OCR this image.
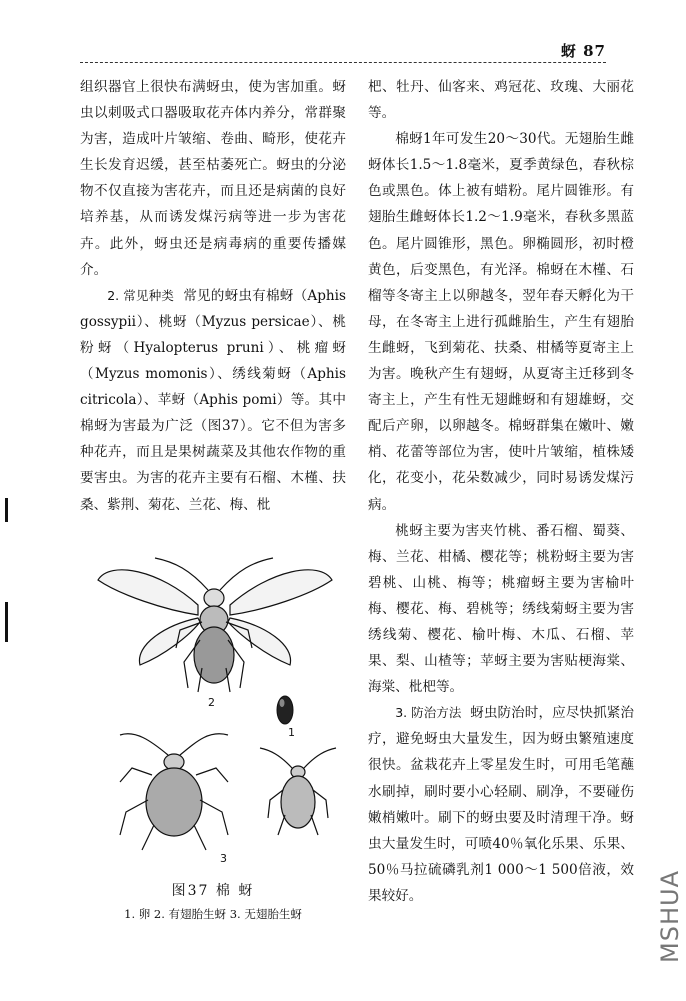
蚜 87

组织器官上很快布满蚜虫，使为害加重。蚜虫以刺吸式口器吸取花卉体内养分，常群聚为害，造成叶片皱缩、卷曲、畸形，使花卉生长发育迟缓，甚至枯萎死亡。蚜虫的分泌物不仅直接为害花卉，而且还是病菌的良好培养基，从而诱发煤污病等进一步为害花卉。此外，蚜虫还是病毒病的重要传播媒介。

2. 常见种类 常见的蚜虫有棉蚜（Aphis gossypii）、桃蚜（Myzus persicae）、桃粉蚜（Hyalopterus pruni）、桃瘤蚜（Myzus momonis）、绣线菊蚜（Aphis citricola）、苹蚜（Aphis pomi）等。其中棉蚜为害最为广泛（图37）。它不但为害多种花卉，而且是果树蔬菜及其他农作物的重要害虫。为害的花卉主要有石榴、木槿、扶桑、紫荆、菊花、兰花、梅、枇

杷、牡丹、仙客来、鸡冠花、玫瑰、大丽花等。

棉蚜1年可发生20～30代。无翅胎生雌蚜体长1.5～1.8毫米，夏季黄绿色，春秋棕色或黑色。体上被有蜡粉。尾片圆锥形。有翅胎生雌蚜体长1.2～1.9毫米，春秋多黑蓝色。尾片圆锥形，黑色。卵椭圆形，初时橙黄色，后变黑色，有光泽。棉蚜在木槿、石榴等冬寄主上以卵越冬，翌年春天孵化为干母，在冬寄主上进行孤雌胎生，产生有翅胎生雌蚜，飞到菊花、扶桑、柑橘等夏寄主上为害。晚秋产生有翅蚜，从夏寄主迁移到冬寄主上，产生有性无翅雌蚜和有翅雄蚜，交配后产卵，以卵越冬。棉蚜群集在嫩叶、嫩梢、花蕾等部位为害，使叶片皱缩，植株矮化，花变小，花朵数减少，同时易诱发煤污病。

桃蚜主要为害夹竹桃、番石榴、蜀葵、梅、兰花、柑橘、樱花等；桃粉蚜主要为害碧桃、山桃、梅等；桃瘤蚜主要为害榆叶梅、樱花、梅、碧桃等；绣线菊蚜主要为害绣线菊、樱花、榆叶梅、木瓜、石榴、苹果、梨、山楂等；苹蚜主要为害贴梗海棠、海棠、枇杷等。

3. 防治方法 蚜虫防治时，应尽快抓紧治疗，避免蚜虫大量发生，因为蚜虫繁殖速度很快。盆栽花卉上零星发生时，可用毛笔蘸水刷掉，刷时要小心轻刷、刷净，不要碰伤嫩梢嫩叶。刷下的蚜虫要及时清理干净。蚜虫大量发生时，可喷40％氧化乐果、乐果、50％马拉硫磷乳剂1 000～1 500倍液，效果较好。

1
2
3
图37 棉 蚜
1. 卵 2. 有翅胎生蚜 3. 无翅胎生蚜	MSHUA
